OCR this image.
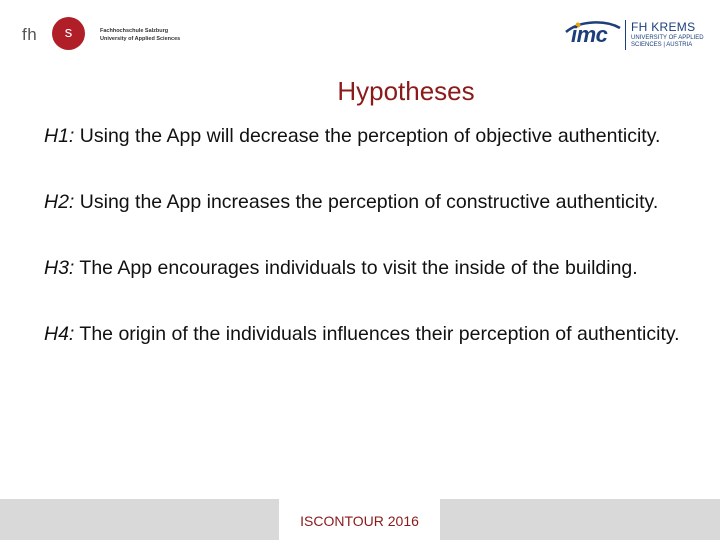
fh	s	Fachhochschule Salzburg
University of Applied Sciences	imc FH KREMS
UNIVERSITY OF APPLIED
SCIENCES | AUSTRIA
Hypotheses
H1: Using the App will decrease the perception of objective authenticity.
H2: Using the App increases the perception of constructive authenticity.
H3: The App encourages individuals to visit the inside of the building.
H4: The origin of the individuals influences their perception of authenticity.
ISCONTOUR 2016
